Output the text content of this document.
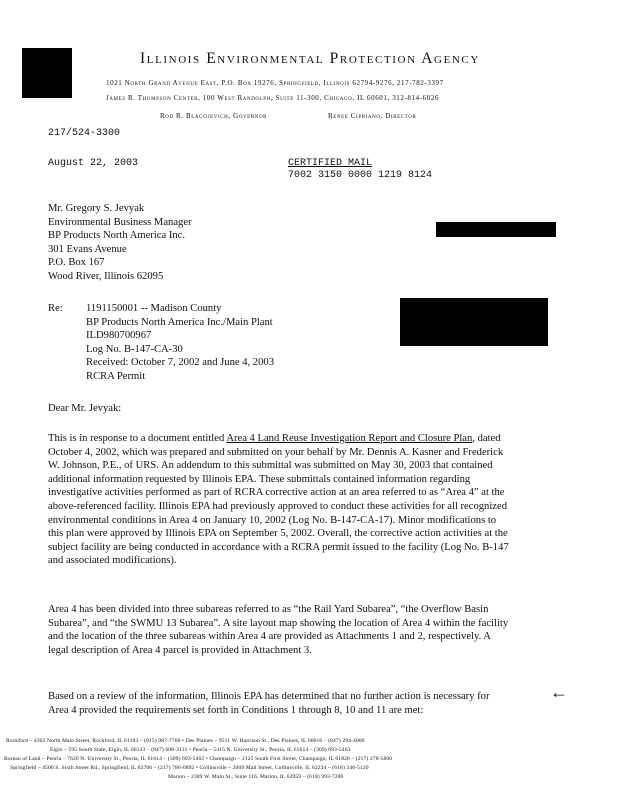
Illinois Environmental Protection Agency
1021 North Grand Avenue East, P.O. Box 19276, Springfield, Illinois 62794-9276, 217-782-3397
James R. Thompson Center, 100 West Randolph, Suite 11-300, Chicago, IL 60601, 312-814-6026
Rod R. Blagojevich, Governor	Renee Cipriano, Director
217/524-3300
August 22, 2003	CERTIFIED MAIL
7002 3150 0000 1219 8124
Mr. Gregory S. Jevyak
Environmental Business Manager
BP Products North America Inc.
301 Evans Avenue
P.O. Box 167
Wood River, Illinois 62095
Re: 1191150001 -- Madison County
BP Products North America Inc./Main Plant
ILD980700967
Log No. B-147-CA-30
Received: October 7, 2002 and June 4, 2003
RCRA Permit
Dear Mr. Jevyak:
This is in response to a document entitled Area 4 Land Reuse Investigation Report and Closure Plan, dated October 4, 2002, which was prepared and submitted on your behalf by Mr. Dennis A. Kasner and Frederick W. Johnson, P.E., of URS. An addendum to this submittal was submitted on May 30, 2003 that contained additional information requested by Illinois EPA. These submittals contained information regarding investigative activities performed as part of RCRA corrective action at an area referred to as “Area 4” at the above-referenced facility. Illinois EPA had previously approved to conduct these activities for all recognized environmental conditions in Area 4 on January 10, 2002 (Log No. B-147-CA-17). Minor modifications to this plan were approved by Illinois EPA on September 5, 2002. Overall, the corrective action activities at the subject facility are being conducted in accordance with a RCRA permit issued to the facility (Log No. B-147 and associated modifications).
Area 4 has been divided into three subareas referred to as “the Rail Yard Subarea”, “the Overflow Basin Subarea”, and “the SWMU 13 Subarea”. A site layout map showing the location of Area 4 within the facility and the location of the three subareas within Area 4 are provided as Attachments 1 and 2, respectively. A legal description of Area 4 parcel is provided in Attachment 3.
Based on a review of the information, Illinois EPA has determined that no further action is necessary for Area 4 provided the requirements set forth in Conditions 1 through 8, 10 and 11 are met:
←
Rockford – 4302 North Main Street, Rockford, IL 61103 – (815) 987-7760 • Des Plaines – 9511 W. Harrison St., Des Plaines, IL 60016 – (847) 294-4000
Elgin – 595 South State, Elgin, IL 60123 – (847) 608-3131 • Peoria – 5415 N. University St., Peoria, IL 61614 – (309) 693-5463
Bureau of Land – Peoria – 7620 N. University St., Peoria, IL 61614 – (309) 693-5462 • Champaign – 2125 South First Street, Champaign, IL 61820 – (217) 278-5800
Springfield – 4500 S. Sixth Street Rd., Springfield, IL 62706 – (217) 786-6892 • Collinsville – 2009 Mall Street, Collinsville, IL 62234 – (618) 346-5120
Marion – 2309 W. Main St., Suite 116, Marion, IL 62959 – (618) 993-7200
